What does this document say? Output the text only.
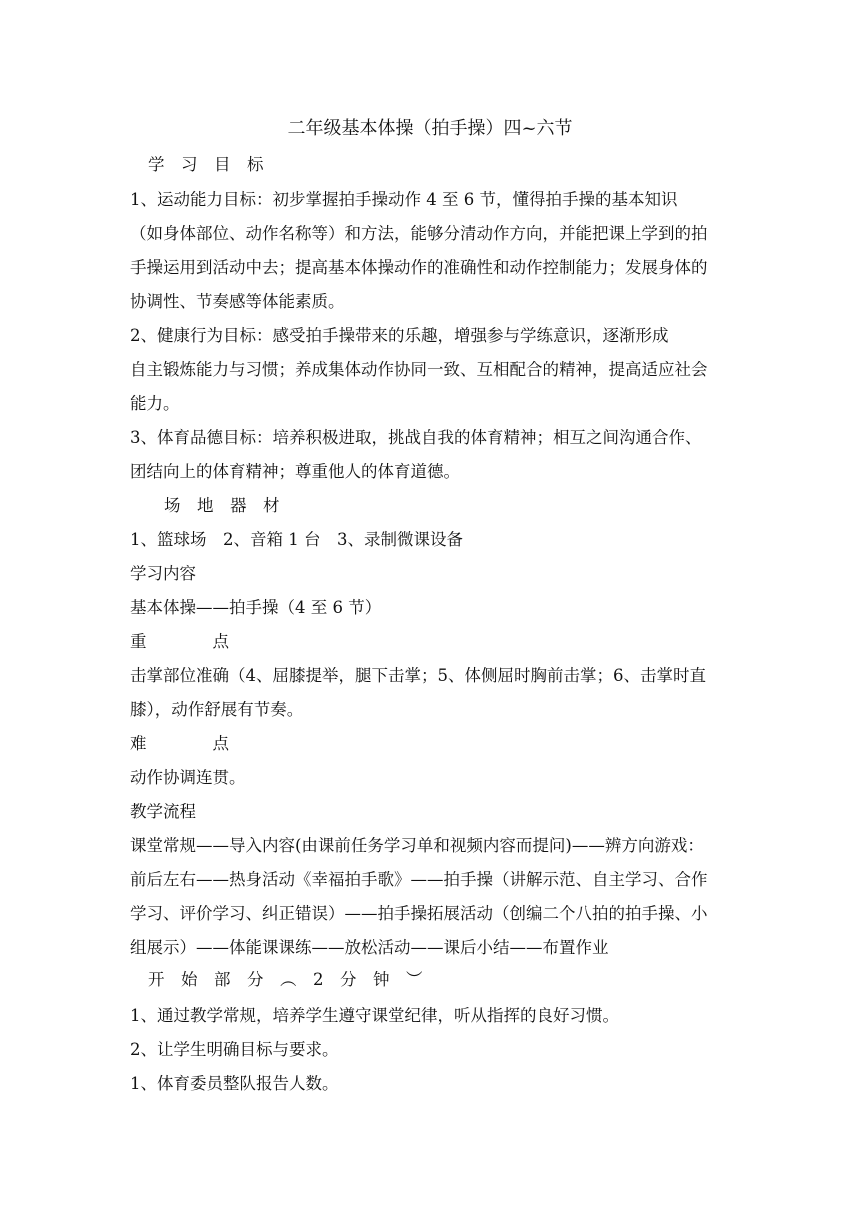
二年级基本体操（拍手操）四~六节
学　习　目　标
1、运动能力目标：初步掌握拍手操动作 4 至 6 节，懂得拍手操的基本知识
（如身体部位、动作名称等）和方法，能够分清动作方向，并能把课上学到的拍
手操运用到活动中去；提高基本体操动作的准确性和动作控制能力；发展身体的
协调性、节奏感等体能素质。
2、健康行为目标：感受拍手操带来的乐趣，增强参与学练意识，逐渐形成
自主锻炼能力与习惯；养成集体动作协同一致、互相配合的精神，提高适应社会
能力。
3、体育品德目标：培养积极进取，挑战自我的体育精神；相互之间沟通合作、
团结向上的体育精神；尊重他人的体育道德。
场　地　器　材
1、篮球场　2、音箱 1 台　3、录制微课设备
学习内容
基本体操——拍手操（4 至 6 节）
重　　　　点
击掌部位准确（4、屈膝提举，腿下击掌；5、体侧屈时胸前击掌；6、击掌时直
膝），动作舒展有节奏。
难　　　　点
动作协调连贯。
教学流程
课堂常规——导入内容(由课前任务学习单和视频内容而提问)——辨方向游戏：
前后左右——热身活动《幸福拍手歌》——拍手操（讲解示范、自主学习、合作
学习、评价学习、纠正错误）——拍手操拓展活动（创编二个八拍的拍手操、小
组展示）——体能课课练——放松活动——课后小结——布置作业
开　始　部　分　︵　2　分　钟　︶
1、通过教学常规，培养学生遵守课堂纪律，听从指挥的良好习惯。
2、让学生明确目标与要求。
1、体育委员整队报告人数。
